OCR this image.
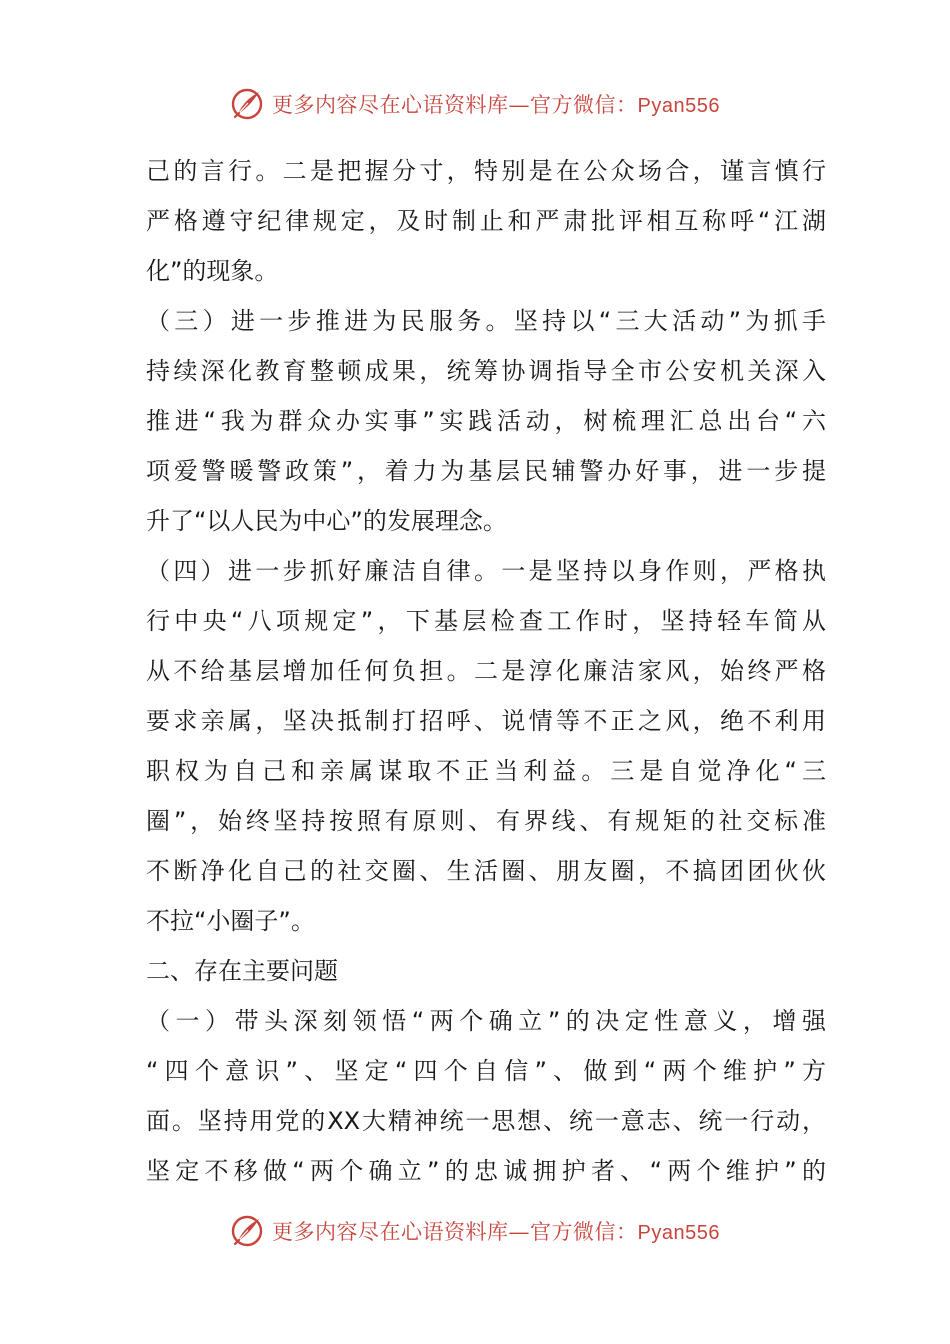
更多内容尽在心语资料库—官方微信：Pyan556
己的言行。二是把握分寸，特别是在公众场合，谨言慎行
严格遵守纪律规定，及时制止和严肃批评相互称呼“江湖
化”的现象。
（三）进一步推进为民服务。坚持以“三大活动”为抓手
持续深化教育整顿成果，统筹协调指导全市公安机关深入
推进“我为群众办实事”实践活动，树梳理汇总出台“六
项爱警暖警政策”，着力为基层民辅警办好事，进一步提
升了“以人民为中心”的发展理念。
（四）进一步抓好廉洁自律。一是坚持以身作则，严格执
行中央“八项规定”，下基层检查工作时，坚持轻车简从
从不给基层增加任何负担。二是淳化廉洁家风，始终严格
要求亲属，坚决抵制打招呼、说情等不正之风，绝不利用
职权为自己和亲属谋取不正当利益。三是自觉净化“三
圈”，始终坚持按照有原则、有界线、有规矩的社交标准
不断净化自己的社交圈、生活圈、朋友圈，不搞团团伙伙
不拉“小圈子”。
二、存在主要问题
（一）带头深刻领悟“两个确立”的决定性意义，增强
“四个意识”、坚定“四个自信”、做到“两个维护”方
面。坚持用党的XX大精神统一思想、统一意志、统一行动，
坚定不移做“两个确立”的忠诚拥护者、“两个维护”的
更多内容尽在心语资料库—官方微信：Pyan556
